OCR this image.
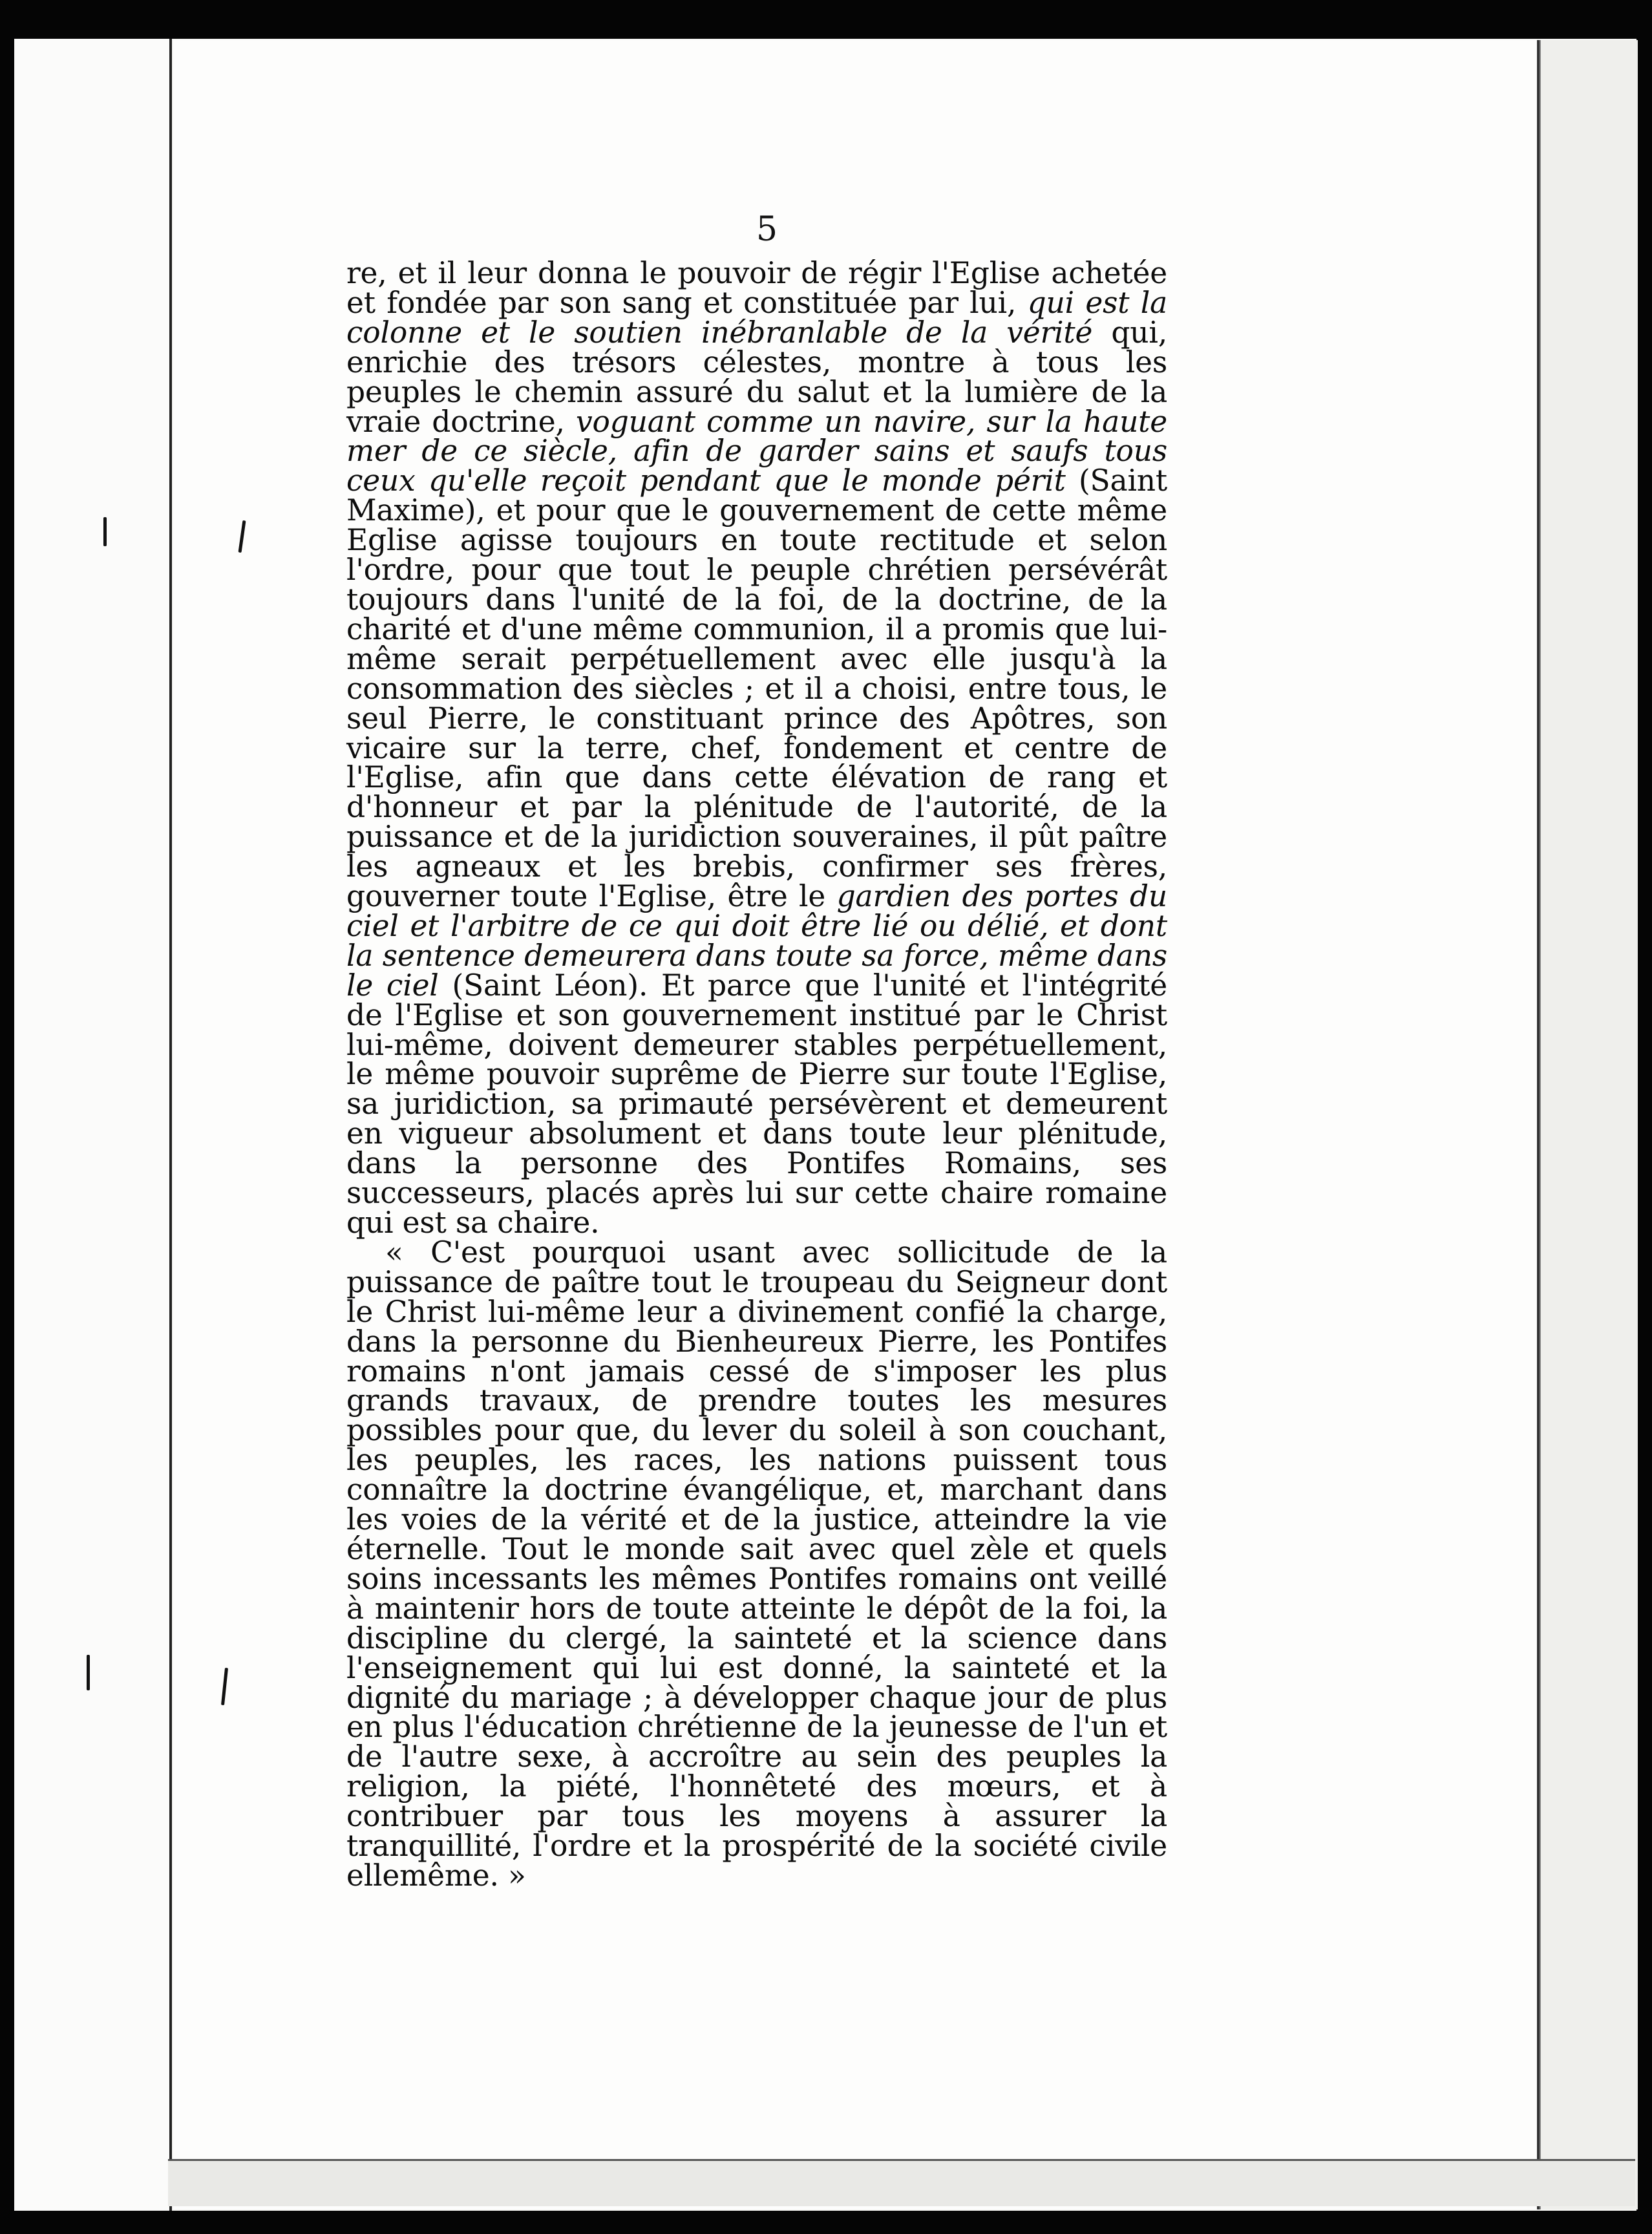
5

re, et il leur donna le pouvoir de régir l'Eglise achetée et fondée par son sang et constituée par lui, qui est la colonne et le soutien inébranlable de la vérité qui, enrichie des trésors célestes, montre à tous les peuples le chemin assuré du salut et la lumière de la vraie doctrine, voguant comme un navire, sur la haute mer de ce siècle, afin de garder sains et saufs tous ceux qu'elle reçoit pendant que le monde périt (Saint Maxime), et pour que le gouvernement de cette même Eglise agisse toujours en toute rectitude et selon l'ordre, pour que tout le peuple chrétien persévérât toujours dans l'unité de la foi, de la doctrine, de la charité et d'une même communion, il a promis que lui-même serait perpétuellement avec elle jusqu'à la consommation des siècles ; et il a choisi, entre tous, le seul Pierre, le constituant prince des Apôtres, son vicaire sur la terre, chef, fondement et centre de l'Eglise, afin que dans cette élévation de rang et d'honneur et par la plénitude de l'autorité, de la puissance et de la juridiction souveraines, il pût paître les agneaux et les brebis, confirmer ses frères, gouverner toute l'Eglise, être le gardien des portes du ciel et l'arbitre de ce qui doit être lié ou délié, et dont la sentence demeurera dans toute sa force, même dans le ciel (Saint Léon). Et parce que l'unité et l'intégrité de l'Eglise et son gouvernement institué par le Christ lui-même, doivent demeurer stables perpétuellement, le même pouvoir suprême de Pierre sur toute l'Eglise, sa juridiction, sa primauté persévèrent et demeurent en vigueur absolument et dans toute leur plénitude, dans la personne des Pontifes Romains, ses successeurs, placés après lui sur cette chaire romaine qui est sa chaire.

« C'est pourquoi usant avec sollicitude de la puissance de paître tout le troupeau du Seigneur dont le Christ lui-même leur a divinement confié la charge, dans la personne du Bienheureux Pierre, les Pontifes romains n'ont jamais cessé de s'imposer les plus grands travaux, de prendre toutes les mesures possibles pour que, du lever du soleil à son couchant, les peuples, les races, les nations puissent tous connaître la doctrine évangélique, et, marchant dans les voies de la vérité et de la justice, atteindre la vie éternelle. Tout le monde sait avec quel zèle et quels soins incessants les mêmes Pontifes romains ont veillé à maintenir hors de toute atteinte le dépôt de la foi, la discipline du clergé, la sainteté et la science dans l'enseignement qui lui est donné, la sainteté et la dignité du mariage ; à développer chaque jour de plus en plus l'éducation chrétienne de la jeunesse de l'un et de l'autre sexe, à accroître au sein des peuples la religion, la piété, l'honnêteté des mœurs, et à contribuer par tous les moyens à assurer la tranquillité, l'ordre et la prospérité de la société civile ellemême. »
